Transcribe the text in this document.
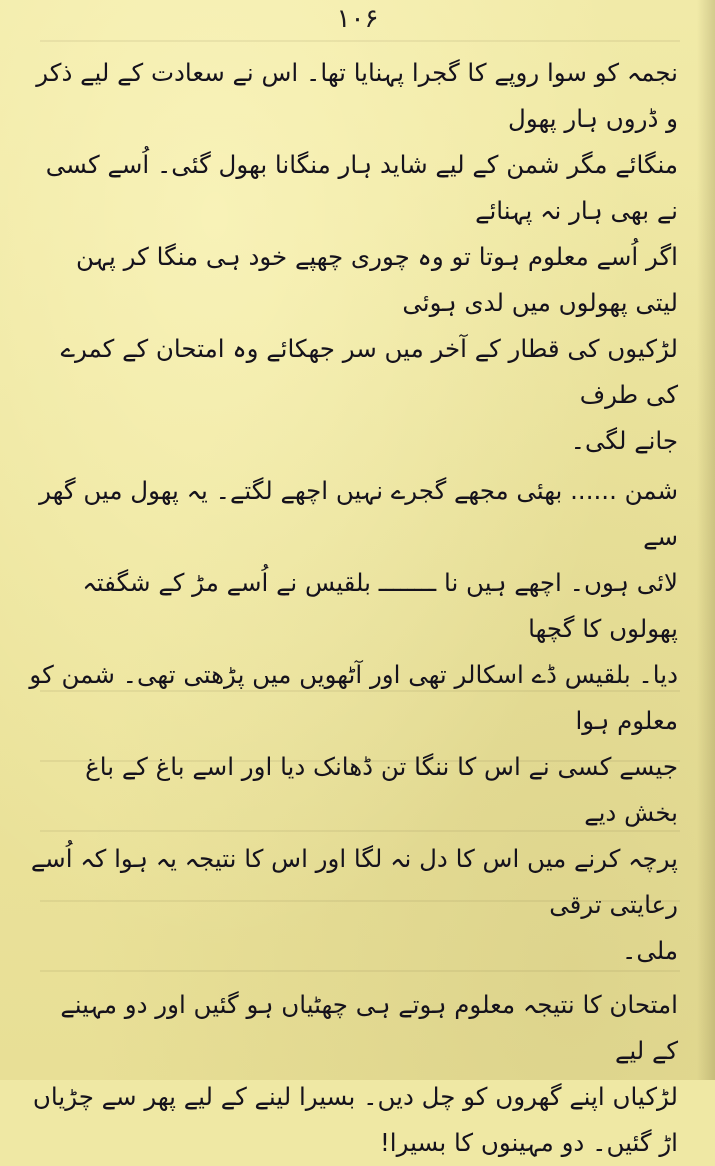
۱۰۶
نجمہ کو سوا روپے کا گجرا پہنایا تھا۔ اس نے سعادت کے لیے ذکر و ڈروں ہار پھول
منگائے مگر شمن کے لیے شاید ہار منگانا بھول گئی۔ اُسے کسی نے بھی ہار نہ پہنائے
اگر اُسے معلوم ہوتا تو وہ چوری چھپے خود ہی منگا کر پہن لیتی پھولوں میں لدی ہوئی
لڑکیوں کی قطار کے آخر میں سر جھکائے وہ امتحان کے کمرے کی طرف
جانے لگی۔
شمن ...... بھئی مجھے گجرے نہیں اچھے لگتے۔ یہ پھول میں گھر سے
لائی ہوں۔ اچھے ہیں نا ــــــــ بلقیس نے اُسے مڑ کے شگفتہ پھولوں کا گچھا
دیا۔ بلقیس ڈے اسکالر تھی اور آٹھویں میں پڑھتی تھی۔ شمن کو معلوم ہوا
جیسے کسی نے اس کا ننگا تن ڈھانک دیا اور اسے باغ کے باغ بخش دیے
پرچہ کرنے میں اس کا دل نہ لگا اور اس کا نتیجہ یہ ہوا کہ اُسے رعایتی ترقی
ملی۔
امتحان کا نتیجہ معلوم ہوتے ہی چھٹیاں ہو گئیں اور دو مہینے کے لیے
لڑکیاں اپنے گھروں کو چل دیں۔ بسیرا لینے کے لیے پھر سے چڑیاں
اڑ گئیں۔ دو مہینوں کا بسیرا!
